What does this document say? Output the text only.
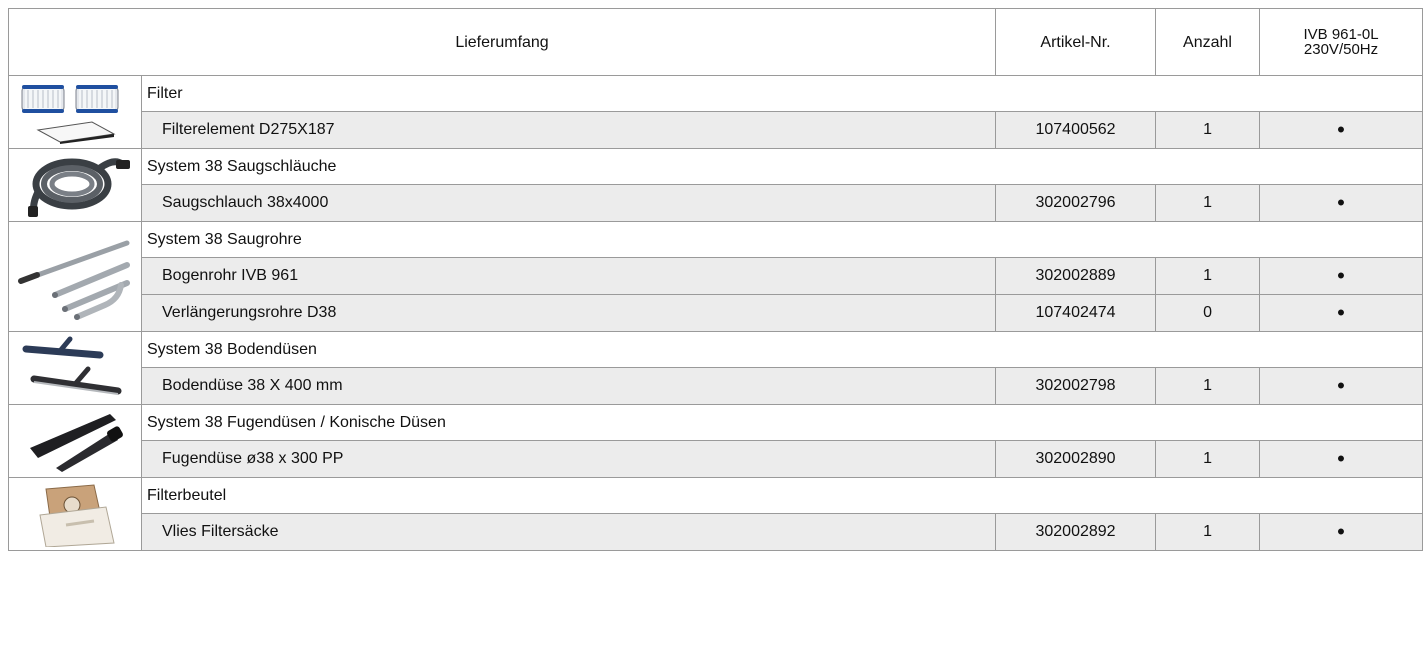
Lieferumfang		Artikel-Nr.	Anzahl	IVB 961-0L
230V/50Hz

	Filter			
	Filterelement D275X187	107400562	1	•

	System 38 Saugschläuche			
	Saugschlauch 38x4000	302002796	1	•

	System 38 Saugrohre			
	Bogenrohr IVB 961	302002889	1	•
	Verlängerungsrohre D38	107402474	0	•

	System 38 Bodendüsen			
	Bodendüse 38 X 400 mm	302002798	1	•

	System 38 Fugendüsen / Konische Düsen			
	Fugendüse ø38 x 300 PP	302002890	1	•

	Filterbeutel			
	Vlies Filtersäcke	302002892	1	•
